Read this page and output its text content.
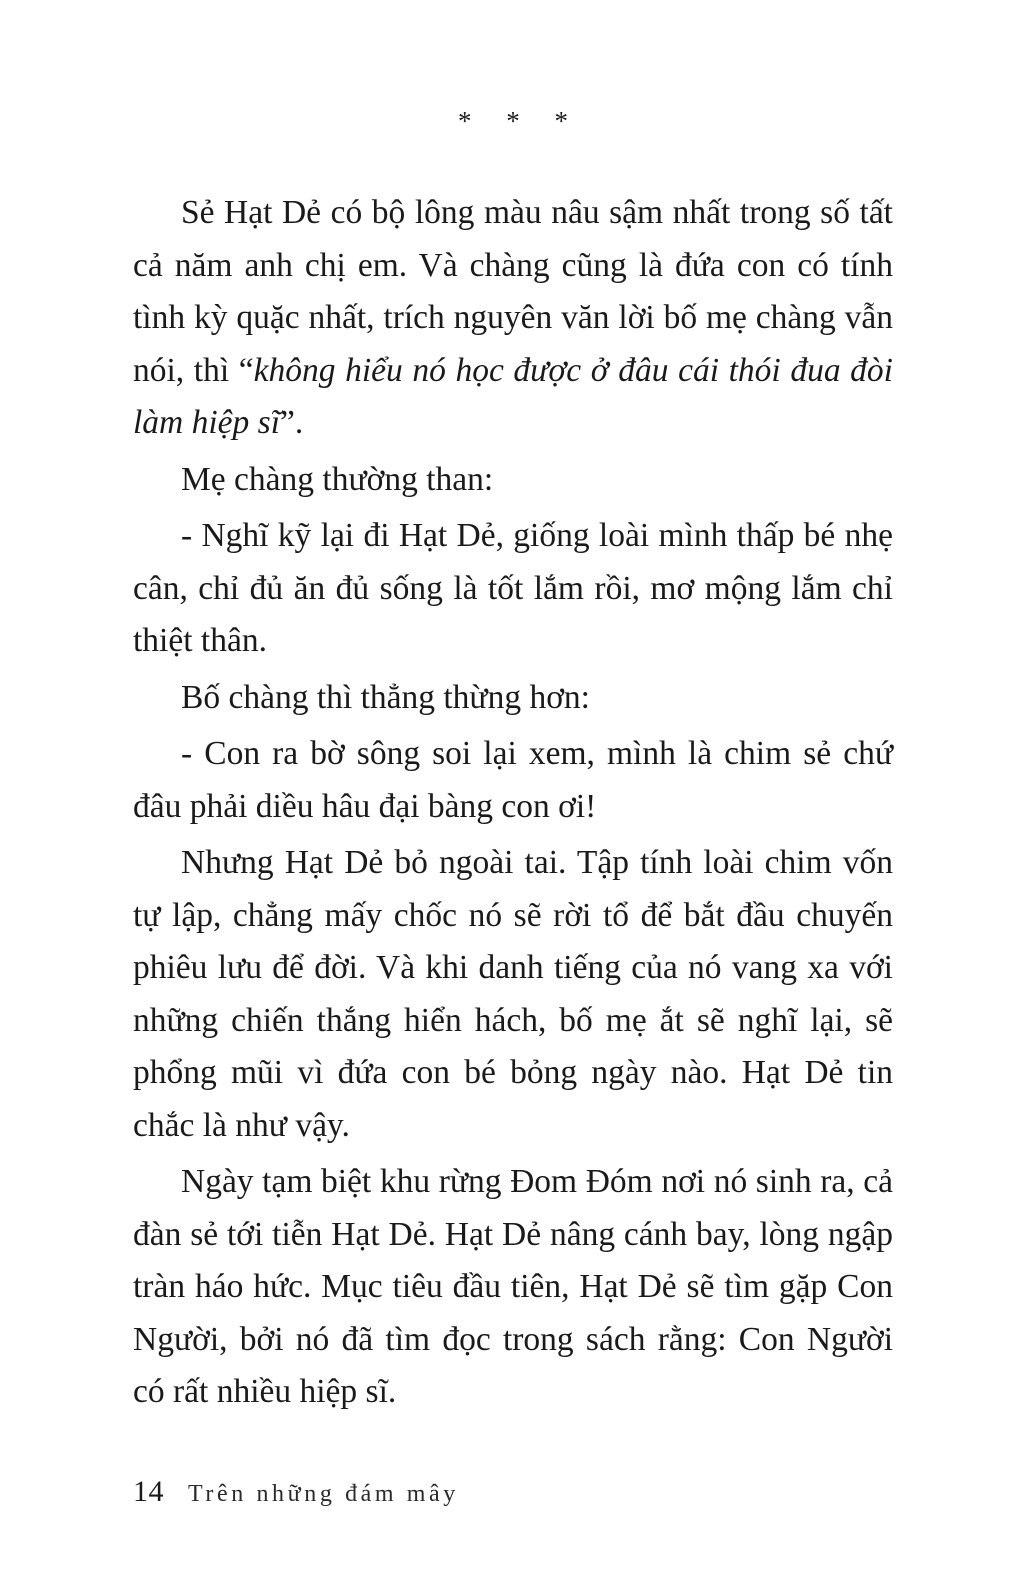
* * *

Sẻ Hạt Dẻ có bộ lông màu nâu sậm nhất trong số tất cả năm anh chị em. Và chàng cũng là đứa con có tính tình kỳ quặc nhất, trích nguyên văn lời bố mẹ chàng vẫn nói, thì “không hiểu nó học được ở đâu cái thói đua đòi làm hiệp sĩ”.

Mẹ chàng thường than:

- Nghĩ kỹ lại đi Hạt Dẻ, giống loài mình thấp bé nhẹ cân, chỉ đủ ăn đủ sống là tốt lắm rồi, mơ mộng lắm chỉ thiệt thân.

Bố chàng thì thẳng thừng hơn:

- Con ra bờ sông soi lại xem, mình là chim sẻ chứ đâu phải diều hâu đại bàng con ơi!

Nhưng Hạt Dẻ bỏ ngoài tai. Tập tính loài chim vốn tự lập, chẳng mấy chốc nó sẽ rời tổ để bắt đầu chuyến phiêu lưu để đời. Và khi danh tiếng của nó vang xa với những chiến thắng hiển hách, bố mẹ ắt sẽ nghĩ lại, sẽ phổng mũi vì đứa con bé bỏng ngày nào. Hạt Dẻ tin chắc là như vậy.

Ngày tạm biệt khu rừng Đom Đóm nơi nó sinh ra, cả đàn sẻ tới tiễn Hạt Dẻ. Hạt Dẻ nâng cánh bay, lòng ngập tràn háo hức. Mục tiêu đầu tiên, Hạt Dẻ sẽ tìm gặp Con Người, bởi nó đã tìm đọc trong sách rằng: Con Người có rất nhiều hiệp sĩ.

14 Trên những đám mây
